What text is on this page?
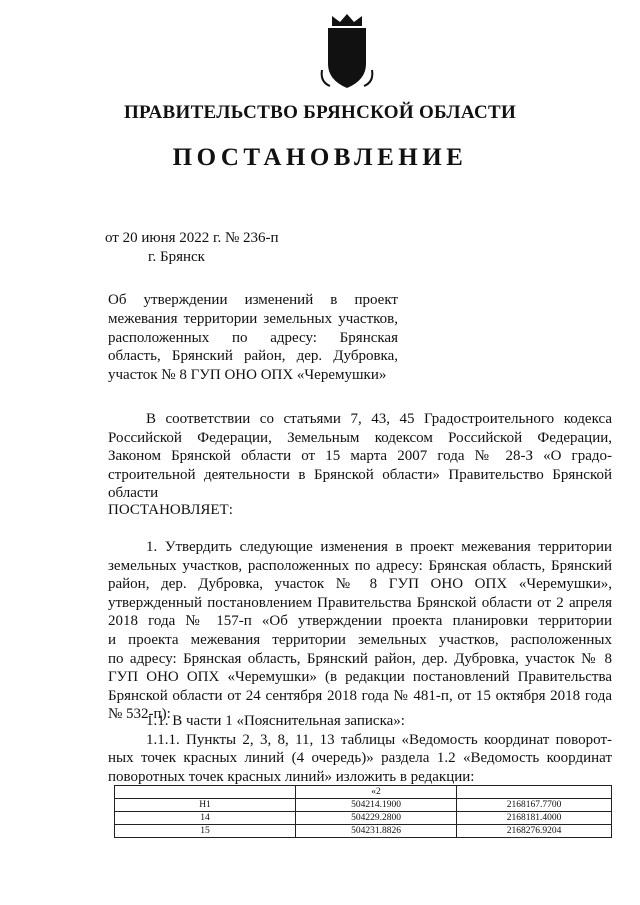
ПРАВИТЕЛЬСТВО БРЯНСКОЙ ОБЛАСТИ
ПОСТАНОВЛЕНИЕ
от 20 июня 2022 г. № 236-п
г. Брянск
Об утверждении изменений в проект
межевания территории земельных участков,
расположенных по адресу: Брянская
область, Брянский район, дер. Дубровка,
участок № 8 ГУП ОНО ОПХ «Черемушки»
В соответствии со статьями 7, 43, 45 Градостроительного кодекса
Российской Федерации, Земельным кодексом Российской Федерации,
Законом Брянской области от 15 марта 2007 года № 28-З «О градо-
строительной деятельности в Брянской области» Правительство Брянской
области
ПОСТАНОВЛЯЕТ:
1. Утвердить следующие изменения в проект межевания территории
земельных участков, расположенных по адресу: Брянская область, Брянский
район, дер. Дубровка, участок № 8 ГУП ОНО ОПХ «Черемушки»,
утвержденный постановлением Правительства Брянской области от 2 апреля
2018 года № 157-п «Об утверждении проекта планировки территории
и проекта межевания территории земельных участков, расположенных
по адресу: Брянская область, Брянский район, дер. Дубровка, участок № 8
ГУП ОНО ОПХ «Черемушки» (в редакции постановлений Правительства
Брянской области от 24 сентября 2018 года № 481-п, от 15 октября 2018 года
№ 532-п):
1.1. В части 1 «Пояснительная записка»:
1.1.1. Пункты 2, 3, 8, 11, 13 таблицы «Ведомость координат поворот-
ных точек красных линий (4 очередь)» раздела 1.2 «Ведомость координат
поворотных точек красных линий» изложить в редакции:
	«2	
Н1	504214.1900	2168167.7700
14	504229.2800	2168181.4000
15	504231.8826	2168276.9204
